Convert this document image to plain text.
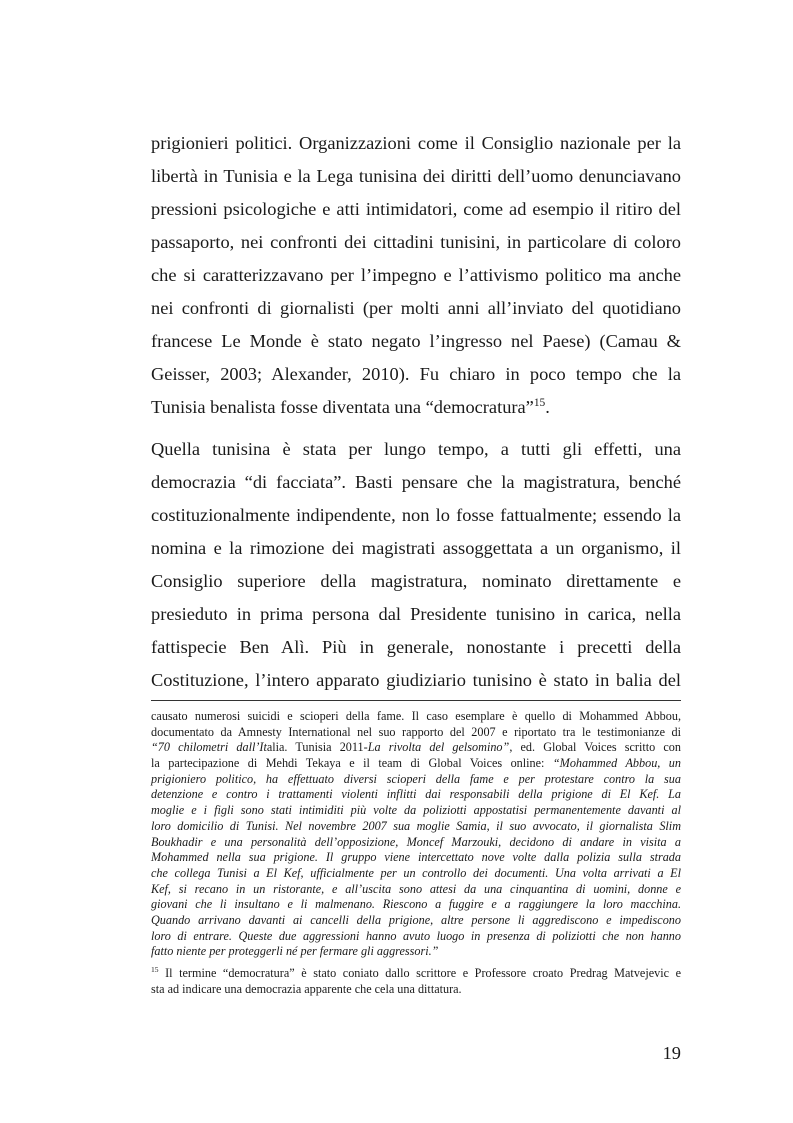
prigionieri politici. Organizzazioni come il Consiglio nazionale per la
libertà in Tunisia e la Lega tunisina dei diritti dell’uomo denunciavano
pressioni psicologiche e atti intimidatori, come ad esempio il ritiro del
passaporto, nei confronti dei cittadini tunisini, in particolare di coloro
che si caratterizzavano per l’impegno e l’attivismo politico ma anche
nei confronti di giornalisti (per molti anni all’inviato del quotidiano
francese Le Monde è stato negato l’ingresso nel Paese) (Camau &
Geisser, 2003; Alexander, 2010). Fu chiaro in poco tempo che la
Tunisia benalista fosse diventata una “democratura”$^{15}$.
Quella tunisina è stata per lungo tempo, a tutti gli effetti, una
democrazia “di facciata”. Basti pensare che la magistratura, benché
costituzionalmente indipendente, non lo fosse fattualmente; essendo la
nomina e la rimozione dei magistrati assoggettata a un organismo, il
Consiglio superiore della magistratura, nominato direttamente e
presieduto in prima persona dal Presidente tunisino in carica, nella
fattispecie Ben Alì. Più in generale, nonostante i precetti della
Costituzione, l’intero apparato giudiziario tunisino è stato in balia del
causato numerosi suicidi e scioperi della fame. Il caso esemplare è quello di Mohammed Abbou,
documentato da Amnesty International nel suo rapporto del 2007 e riportato tra le testimonianze di
“70 chilometri dall’Italia. Tunisia 2011-La rivolta del gelsomino”, ed. Global Voices scritto con
la partecipazione di Mehdi Tekaya e il team di Global Voices online: “Mohammed Abbou, un
prigioniero politico, ha effettuato diversi scioperi della fame e per protestare contro la sua
detenzione e contro i trattamenti violenti inflitti dai responsabili della prigione di El Kef. La
moglie e i figli sono stati intimiditi più volte da poliziotti appostatisi permanentemente davanti al
loro domicilio di Tunisi. Nel novembre 2007 sua moglie Samia, il suo avvocato, il giornalista Slim
Boukhadir e una personalità dell’opposizione, Moncef Marzouki, decidono di andare in visita a
Mohammed nella sua prigione. Il gruppo viene intercettato nove volte dalla polizia sulla strada
che collega Tunisi a El Kef, ufficialmente per un controllo dei documenti. Una volta arrivati a El
Kef, si recano in un ristorante, e all’uscita sono attesi da una cinquantina di uomini, donne e
giovani che li insultano e li malmenano. Riescono a fuggire e a raggiungere la loro macchina.
Quando arrivano davanti ai cancelli della prigione, altre persone li aggrediscono e impediscono
loro di entrare. Queste due aggressioni hanno avuto luogo in presenza di poliziotti che non hanno
fatto niente per proteggerli né per fermare gli aggressori.”
$^{15}$ Il termine “democratura” è stato coniato dallo scrittore e Professore croato Predrag Matvejevic e
sta ad indicare una democrazia apparente che cela una dittatura.
19
